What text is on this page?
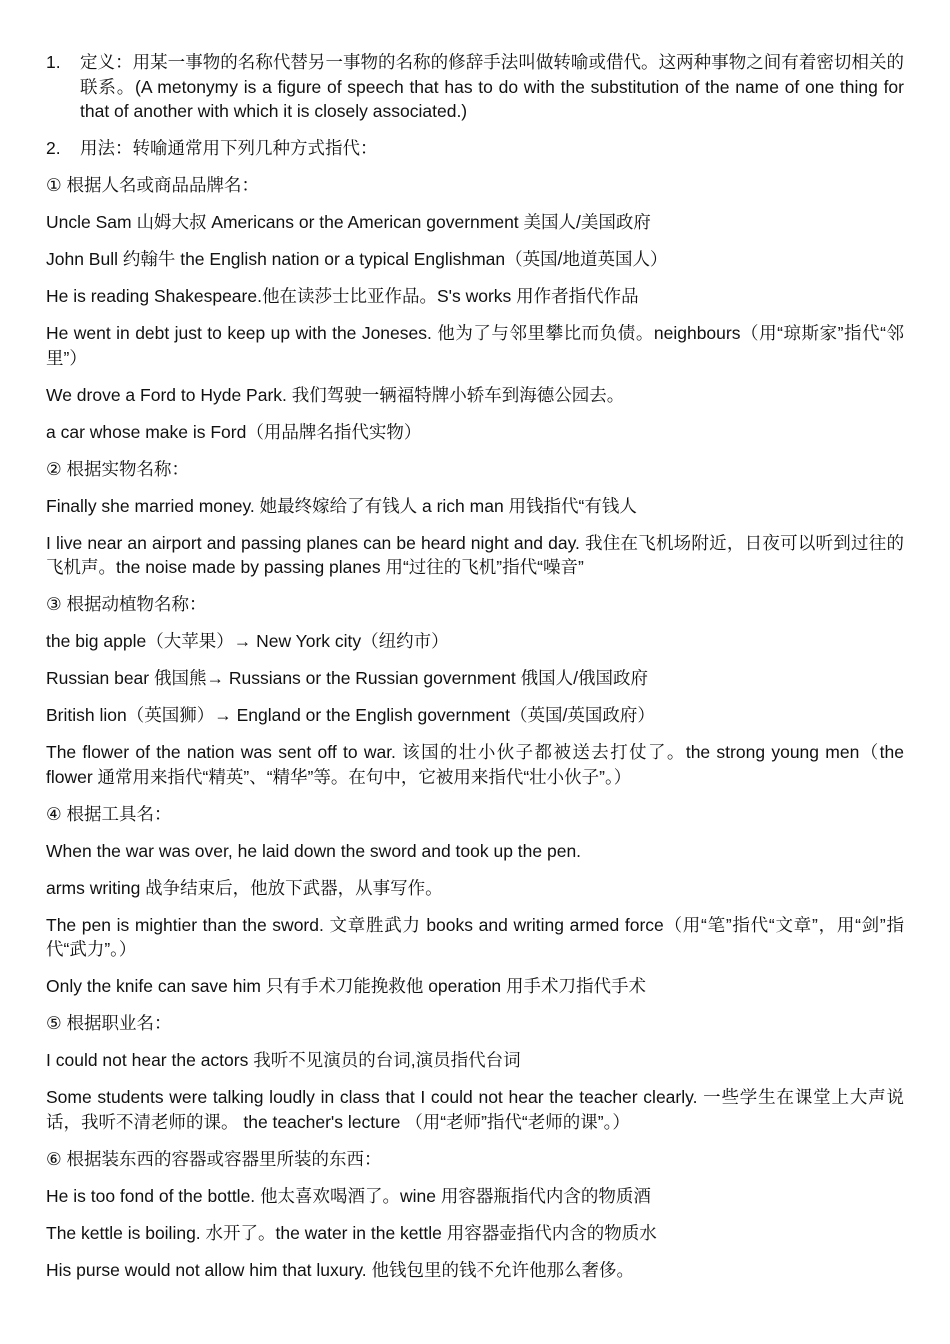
1. 定义：用某一事物的名称代替另一事物的名称的修辞手法叫做转喻或借代。这两种事物之间有着密切相关的联系。(A metonymy is a figure of speech that has to do with the substitution of the name of one thing for that of another with which it is closely associated.)
2. 用法：转喻通常用下列几种方式指代：

① 根据人名或商品品牌名：

Uncle Sam 山姆大叔 Americans or the American government 美国人/美国政府

John Bull 约翰牛 the English nation or a typical Englishman（英国/地道英国人）

He is reading Shakespeare.他在读莎士比亚作品。S's works 用作者指代作品

He went in debt just to keep up with the Joneses. 他为了与邻里攀比而负债。neighbours（用“琼斯家”指代“邻里”）

We drove a Ford to Hyde Park. 我们驾驶一辆福特牌小轿车到海德公园去。

a car whose make is Ford（用品牌名指代实物）

② 根据实物名称：

Finally she married money. 她最终嫁给了有钱人 a rich man 用钱指代“有钱人

I live near an airport and passing planes can be heard night and day. 我住在飞机场附近，日夜可以听到过往的飞机声。the noise made by passing planes 用“过往的飞机”指代“噪音”

③ 根据动植物名称：

the big apple（大苹果）→ New York city（纽约市）

Russian bear 俄国熊→ Russians or the Russian government 俄国人/俄国政府

British lion（英国狮）→ England or the English government（英国/英国政府）

The flower of the nation was sent off to war. 该国的壮小伙子都被送去打仗了。the strong young men（the flower 通常用来指代“精英”、“精华”等。在句中，它被用来指代“壮小伙子”。）

④ 根据工具名：

When the war was over, he laid down the sword and took up the pen.

arms writing 战争结束后，他放下武器，从事写作。

The pen is mightier than the sword. 文章胜武力 books and writing armed force（用“笔”指代“文章”，用“剑”指代“武力”。）

Only the knife can save him 只有手术刀能挽救他 operation 用手术刀指代手术

⑤ 根据职业名：

I could not hear the actors 我听不见演员的台词,演员指代台词

Some students were talking loudly in class that I could not hear the teacher clearly. 一些学生在课堂上大声说话，我听不清老师的课。 the teacher's lecture （用“老师”指代“老师的课”。）

⑥ 根据装东西的容器或容器里所装的东西：

He is too fond of the bottle. 他太喜欢喝酒了。wine 用容器瓶指代内含的物质酒

The kettle is boiling. 水开了。the water in the kettle 用容器壶指代内含的物质水

His purse would not allow him that luxury. 他钱包里的钱不允许他那么奢侈。
